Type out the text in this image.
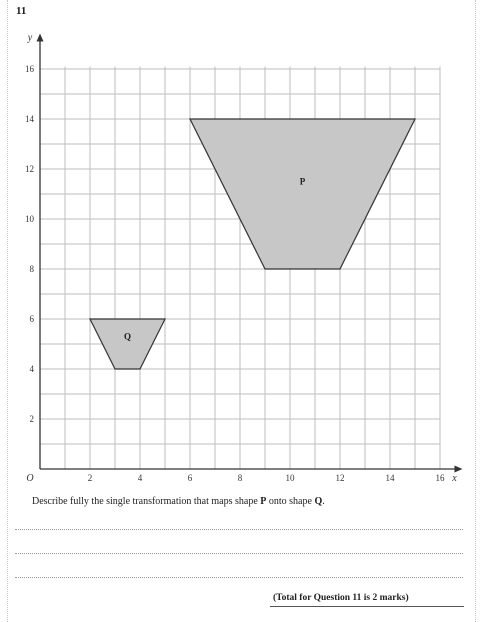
11
P
Q
2	4	6	8	10	12	14	16
2
4
6
8
10
12
14
16
O	x
y
Describe fully the single transformation that maps shape P onto shape Q.
(Total for Question 11 is 2 marks)
